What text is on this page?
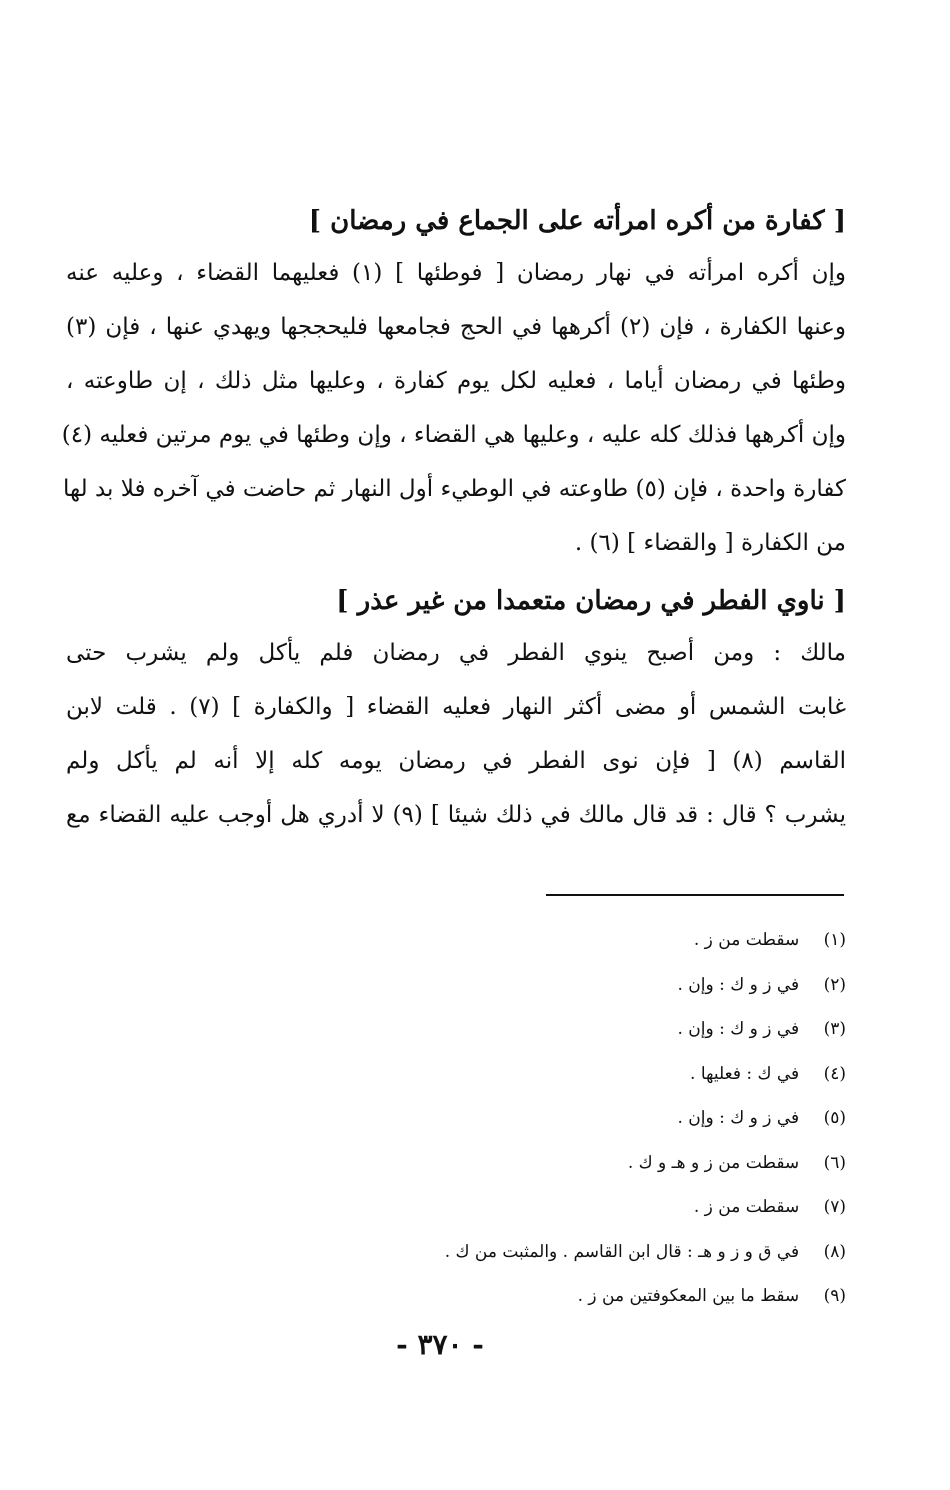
[ كفارة من أكره امرأته على الجماع في رمضان ]
وإن أكره امرأته في نهار رمضان [ فوطئها ] (١) فعليهما القضاء ، وعليه عنه
وعنها الكفارة ، فإن (٢) أكرهها في الحج فجامعها فليحججها ويهدي عنها ، فإن (٣)
وطئها في رمضان أياما ، فعليه لكل يوم كفارة ، وعليها مثل ذلك ، إن طاوعته ،
وإن أكرهها فذلك كله عليه ، وعليها هي القضاء ، وإن وطئها في يوم مرتين فعليه (٤)
كفارة واحدة ، فإن (٥) طاوعته في الوطيء أول النهار ثم حاضت في آخره فلا بد لها
من الكفارة [ والقضاء ] (٦) .
[ ناوي الفطر في رمضان متعمدا من غير عذر ]
مالك : ومن أصبح ينوي الفطر في رمضان فلم يأكل ولم يشرب حتى
غابت الشمس أو مضى أكثر النهار فعليه القضاء [ والكفارة ] (٧) . قلت لابن
القاسم (٨) [ فإن نوى الفطر في رمضان يومه كله إلا أنه لم يأكل ولم
يشرب ؟ قال : قد قال مالك في ذلك شيئا ] (٩) لا أدري هل أوجب عليه القضاء مع
(١)  سقطت من ز .
(٢)  في ز و ك : وإن .
(٣)  في ز و ك : وإن .
(٤)  في ك : فعليها .
(٥)  في ز و ك : وإن .
(٦)  سقطت من ز و هـ و ك .
(٧)  سقطت من ز .
(٨)  في ق و ز و هـ : قال ابن القاسم . والمثبت من ك .
(٩)  سقط ما بين المعكوفتين من ز .
- ٣٧٠ -
